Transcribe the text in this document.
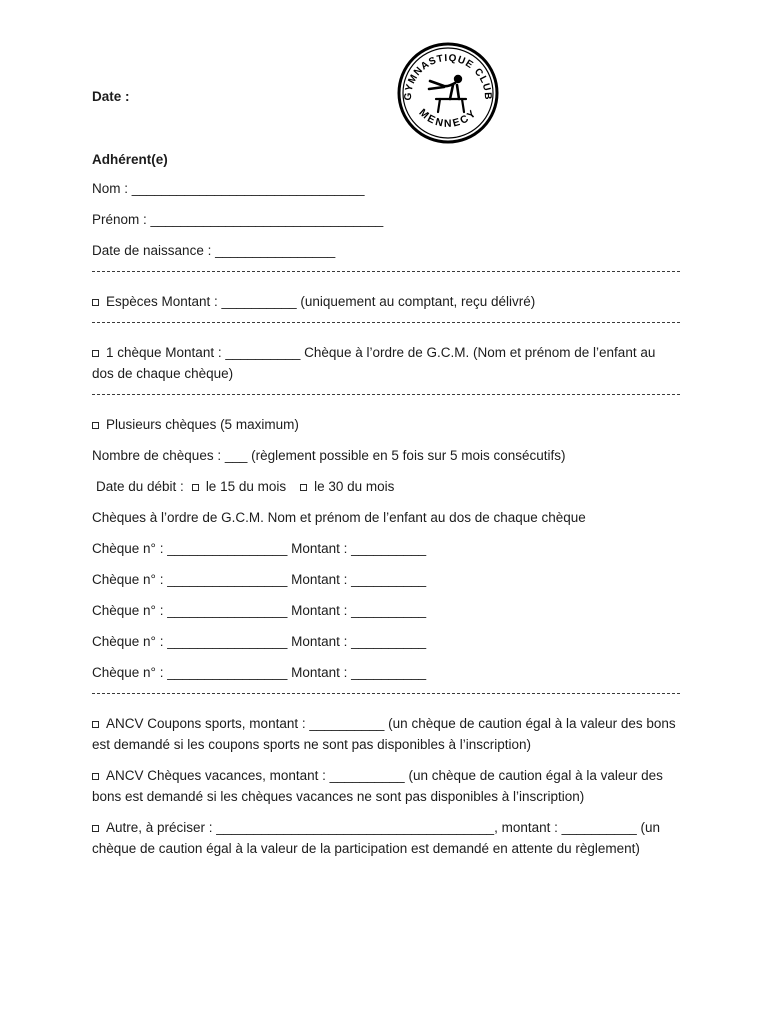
GYMNASTIQUE CLUB
MENNECY

Date :

Adhérent(e)

Nom : _______________________________

Prénom : _______________________________

Date de naissance : ________________

Espèces Montant : __________ (uniquement au comptant, reçu délivré)

1 chèque Montant : __________ Chèque à l’ordre de G.C.M. (Nom et prénom de l’enfant au dos de chaque chèque)

Plusieurs chèques (5 maximum)

Nombre de chèques : ___ (règlement possible en 5 fois sur 5 mois consécutifs)

Date du débit : le 15 du mois le 30 du mois

Chèques à l’ordre de G.C.M. Nom et prénom de l’enfant au dos de chaque chèque

Chèque n° : ________________ Montant : __________

Chèque n° : ________________ Montant : __________

Chèque n° : ________________ Montant : __________

Chèque n° : ________________ Montant : __________

Chèque n° : ________________ Montant : __________

ANCV Coupons sports, montant : __________ (un chèque de caution égal à la valeur des bons est demandé si les coupons sports ne sont pas disponibles à l’inscription)

ANCV Chèques vacances, montant : __________ (un chèque de caution égal à la valeur des bons est demandé si les chèques vacances ne sont pas disponibles à l’inscription)

Autre, à préciser : _____________________________________, montant : __________ (un chèque de caution égal à la valeur de la participation est demandé en attente du règlement)
